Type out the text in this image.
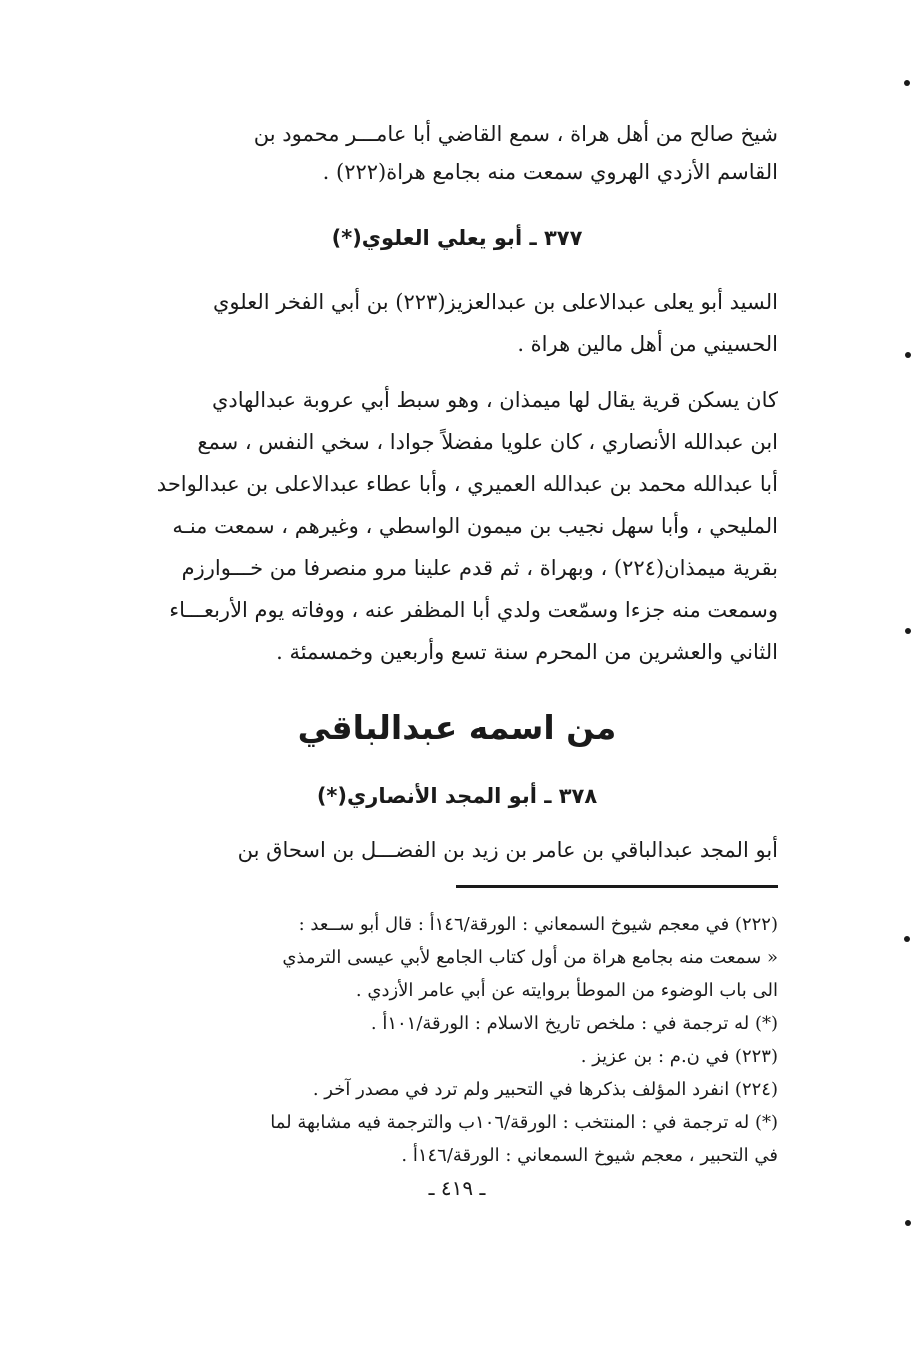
شيخ صالح من أهل هراة ، سمع القاضي أبا عامـــر محمود بن
القاسم الأزدي الهروي سمعت منه بجامع هراة(٢٢٢) .
٣٧٧ ـ أبو يعلي العلوي(*)
السيد أبو يعلى عبدالاعلى بن عبدالعزيز(٢٢٣) بن أبي الفخر العلوي
الحسيني من أهل مالين هراة .
كان يسكن قرية يقال لها ميمذان ، وهو سبط أبي عروبة عبدالهادي
ابن عبدالله الأنصاري ، كان علويا مفضلاً جوادا ، سخي النفس ، سمع
أبا عبدالله محمد بن عبدالله العميري ، وأبا عطاء عبدالاعلى بن عبدالواحد
المليحي ، وأبا سهل نجيب بن ميمون الواسطي ، وغيرهم ، سمعت منـه
بقرية ميمذان(٢٢٤) ، وبهراة ، ثم قدم علينا مرو منصرفا من خـــوارزم
وسمعت منه جزءا وسمّعت ولدي أبا المظفر عنه ، ووفاته يوم الأربعـــاء
الثاني والعشرين من المحرم سنة تسع وأربعين وخمسمئة .
من اسمه عبدالباقي
٣٧٨ ـ أبو المجد الأنصاري(*)
أبو المجد عبدالباقي بن عامر بن زيد بن الفضـــل بن اسحاق بن
(٢٢٢) في معجم شيوخ السمعاني : الورقة/١٤٦أ : قال أبو ســعد :
« سمعت منه بجامع هراة من أول كتاب الجامع لأبي عيسى الترمذي
الى باب الوضوء من الموطأ بروايته عن أبي عامر الأزدي .
(*) له ترجمة في : ملخص تاريخ الاسلام : الورقة/١٠١أ .
(٢٢٣) في ن.م : بن عزيز .
(٢٢٤) انفرد المؤلف بذكرها في التحبير ولم ترد في مصدر آخر .
(*) له ترجمة في : المنتخب : الورقة/١٠٦ب والترجمة فيه مشابهة لما
في التحبير ، معجم شيوخ السمعاني : الورقة/١٤٦أ .
ـ ٤١٩ ـ
